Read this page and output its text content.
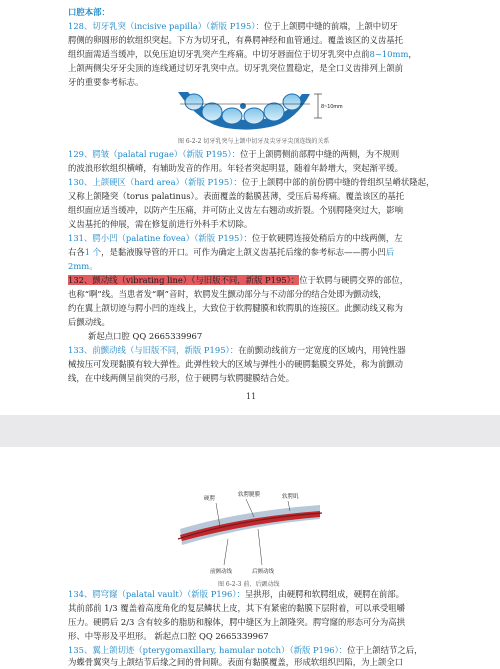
口腔本部：

128、切牙乳突（incisive papilla）（新版 P195）：位于上颌腭中缝的前端，上颌中切牙

腭侧的卵圆形的软组织突起。下方为切牙孔，有鼻腭神经和血管通过。覆盖该区的义齿基托

组织面需适当缓冲，以免压迫切牙乳突产生疼痛。中切牙唇面位于切牙乳突中点前8~10mm，

上颌两侧尖牙牙尖顶的连线通过切牙乳突中点。切牙乳突位置稳定，是全口义齿排列上颌前

牙的重要参考标志。

8~10mm
图 6-2-2 切牙乳突与上颌中切牙及尖牙牙尖顶连线的关系

129、腭皱（palatal rugae）（新版 P195）：位于上颌腭侧前部腭中缝的两侧，为不规则

的波浪形软组织横嵴，有辅助发音的作用。年轻者突起明显，随着年龄增大，突起渐平缓。

130、上颌硬区（hard area）（新版 P195）：位于上颌腭中部的前份腭中缝的骨组织呈嵴状隆起，

又称上颌隆突（torus palatinus）。表面覆盖的黏膜甚薄，受压后易疼痛。覆盖该区的基托

组织面应适当缓冲，以防产生压痛，并可防止义齿左右翘动或折裂。个别腭隆突过大，影响

义齿基托的伸展，需在修复前进行外科手术切除。

131、腭小凹（palatine fovea）（新版 P195）：位于软硬腭连接处稍后方的中线两侧，左

右各1 个，是黏液腺导管的开口。可作为确定上颌义齿基托后缘的参考标志——腭小凹后

2mm。

132、颤动线（vibrating line）（与旧版不同，新版 P195）：位于软腭与硬腭交界的部位，

也称“啊”线。当患者发“啊”音时，软腭发生颤动部分与不动部分的结合处即为颤动线，

约在翼上颌切迹与腭小凹的连线上，大致位于软腭腱膜和软腭肌的连接区。此颤动线又称为

后颤动线。

新起点口腔 QQ 2665339967

133、前颤动线（与旧版不同，新版 P195）：在前颤动线前方一定宽度的区域内，用钝性器

械按压可发现黏膜有较大弹性。此弹性较大的区域与弹性小的硬腭黏膜交界处，称为前颤动

线，在中线两侧呈前突的弓形，位于硬腭与软腭腱膜结合处。

11
硬腭
软腭腱膜	软腭肌
前颤动线	后颤动线
图 6-2-3 前、后颤动线

134、腭穹窿（palatal vault）（新版 P196）：呈拱形，由硬腭和软腭组成，硬腭在前部。

其前部前 1/3 覆盖着高度角化的复层鳞状上皮，其下有紧密的黏膜下层附着，可以承受咀嚼

压力。硬腭后 2/3 含有较多的脂肪和腺体，腭中缝区为上颌隆突。腭穹窿的形态可分为高拱

形、中等形及平坦形。 新起点口腔 QQ 2665339967

135、翼上颌切迹（pterygomaxillary, hamular notch）（新版 P196）：位于上颌结节之后，

为蝶骨翼突与上颌结节后缘之间的骨间隙。表面有黏膜覆盖，形成软组织凹陷，为上颌全口
